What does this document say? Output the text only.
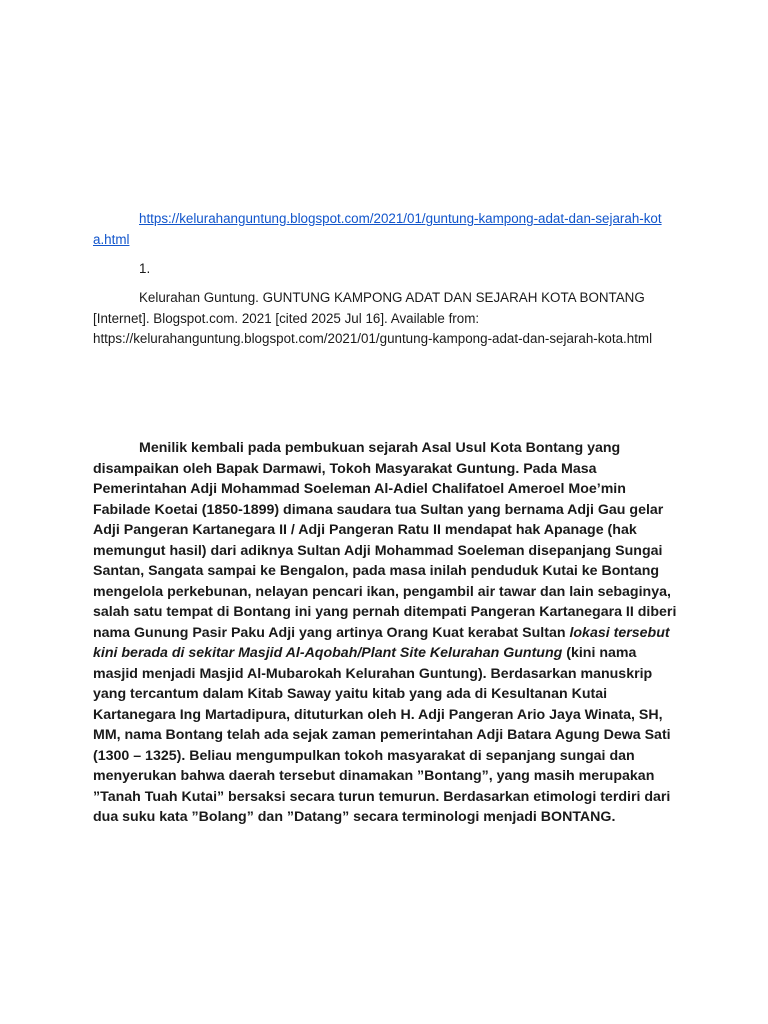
https://kelurahanguntung.blogspot.com/2021/01/guntung-kampong-adat-dan-sejarah-kota.html
1.
Kelurahan Guntung. GUNTUNG KAMPONG ADAT DAN SEJARAH KOTA BONTANG [Internet]. Blogspot.com. 2021 [cited 2025 Jul 16]. Available from: https://kelurahanguntung.blogspot.com/2021/01/guntung-kampong-adat-dan-sejarah-kota.html

Menilik kembali pada pembukuan sejarah Asal Usul Kota Bontang yang disampaikan oleh Bapak Darmawi, Tokoh Masyarakat Guntung. Pada Masa Pemerintahan Adji Mohammad Soeleman Al-Adiel Chalifatoel Ameroel Moe’min Fabilade Koetai (1850-1899) dimana saudara tua Sultan yang bernama Adji Gau gelar Adji Pangeran Kartanegara II / Adji Pangeran Ratu II mendapat hak Apanage (hak memungut hasil) dari adiknya Sultan Adji Mohammad Soeleman disepanjang Sungai Santan, Sangata sampai ke Bengalon, pada masa inilah penduduk Kutai ke Bontang mengelola perkebunan, nelayan pencari ikan, pengambil air tawar dan lain sebaginya, salah satu tempat di Bontang ini yang pernah ditempati Pangeran Kartanegara II diberi nama Gunung Pasir Paku Adji yang artinya Orang Kuat kerabat Sultan lokasi tersebut kini berada di sekitar Masjid Al-Aqobah/Plant Site Kelurahan Guntung (kini nama masjid menjadi Masjid Al-Mubarokah Kelurahan Guntung). Berdasarkan manuskrip yang tercantum dalam Kitab Saway yaitu kitab yang ada di Kesultanan Kutai Kartanegara Ing Martadipura, dituturkan oleh H. Adji Pangeran Ario Jaya Winata, SH, MM, nama Bontang telah ada sejak zaman pemerintahan Adji Batara Agung Dewa Sati (1300 – 1325). Beliau mengumpulkan tokoh masyarakat di sepanjang sungai dan menyerukan bahwa daerah tersebut dinamakan ”Bontang”, yang masih merupakan ”Tanah Tuah Kutai” bersaksi secara turun temurun. Berdasarkan etimologi terdiri dari dua suku kata ”Bolang” dan ”Datang” secara terminologi menjadi BONTANG.
